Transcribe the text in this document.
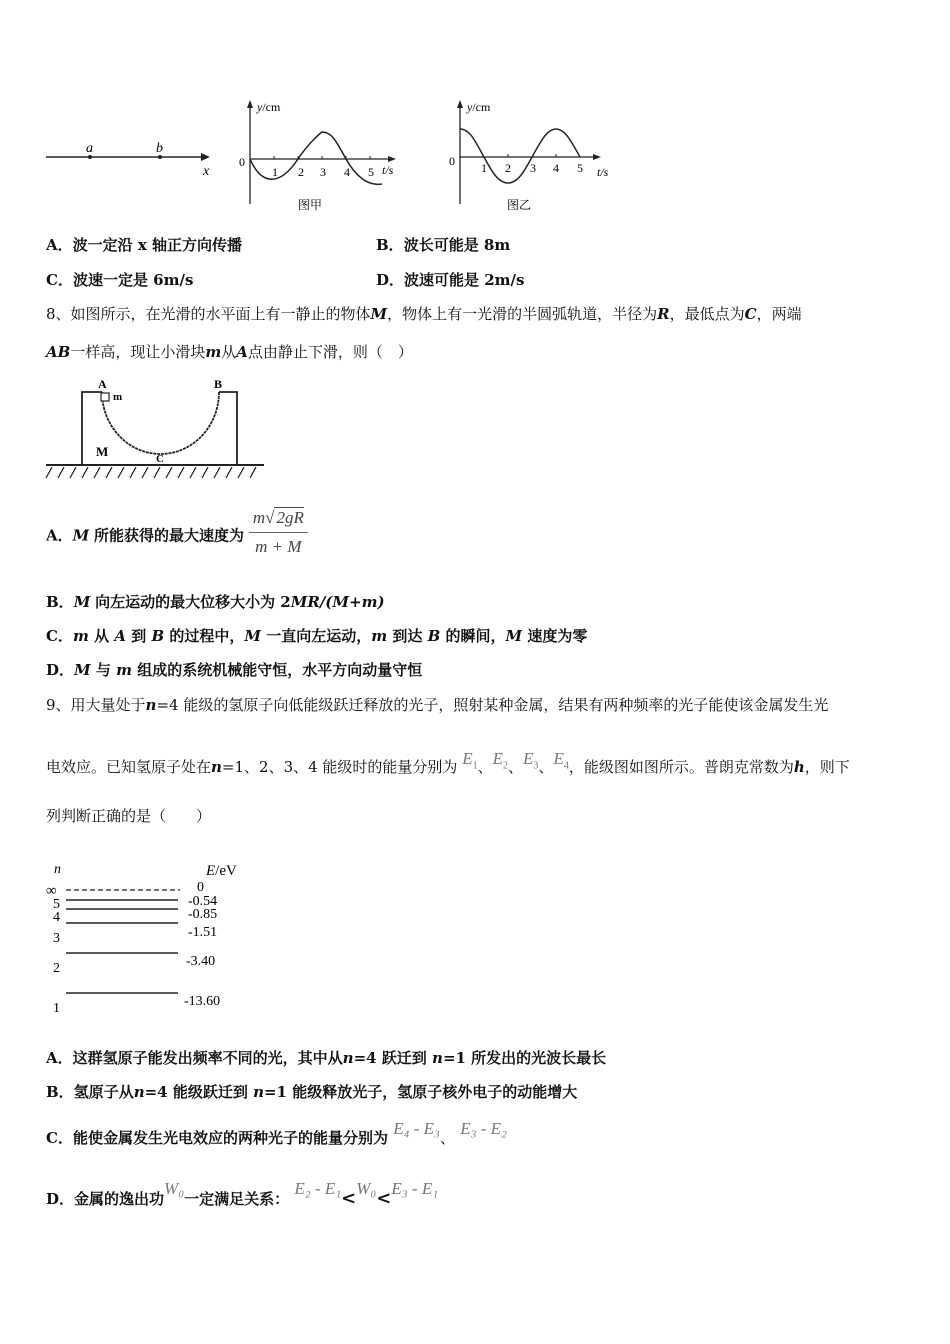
a	b
x
y/cm
0
1 2 3 4 5 t/s
图甲
y/cm
0 1 2 3 4 5 t/s
图乙
A．波一定沿 x 轴正方向传播	B．波长可能是 8m
C．波速一定是 6m/s	D．波速可能是 2m/s
8、如图所示，在光滑的水平面上有一静止的物体M，物体上有一光滑的半圆弧轨道，半径为R，最低点为C，两端
AB一样高，现让小滑块m从A点由静止下滑，则（　）
A	B
m
M	C
A．M 所能获得的最大速度为 $\frac{m√ 2gR}{m + M}$
B．M 向左运动的最大位移大小为 2MR/(M+m)
C．m 从 A 到 B 的过程中，M 一直向左运动，m 到达 B 的瞬间，M 速度为零
D．M 与 m 组成的系统机械能守恒，水平方向动量守恒
9、用大量处于n=4 能级的氢原子向低能级跃迁释放的光子，照射某种金属，结果有两种频率的光子能使该金属发生光
电效应。已知氢原子处在n=1、2、3、4 能级时的能量分别为 $E_1$、$E_2$、$E_3$、$E_4$，能级图如图所示。普朗克常数为h，则下
列判断正确的是（　　）
n	E/eV
∞
5
4
3
2
1
0
-0.54
-0.85
-1.51
-3.40
-13.60
A．这群氢原子能发出频率不同的光，其中从n=4 跃迁到 n=1 所发出的光波长最长
B．氢原子从n=4 能级跃迁到 n=1 能级释放光子，氢原子核外电子的动能增大
C．能使金属发生光电效应的两种光子的能量分别为 E₄ - E₃、 E₃ - E₂
D．金属的逸出功W₀一定满足关系： E₂ - E₁<W₀<E₃ - E₁
